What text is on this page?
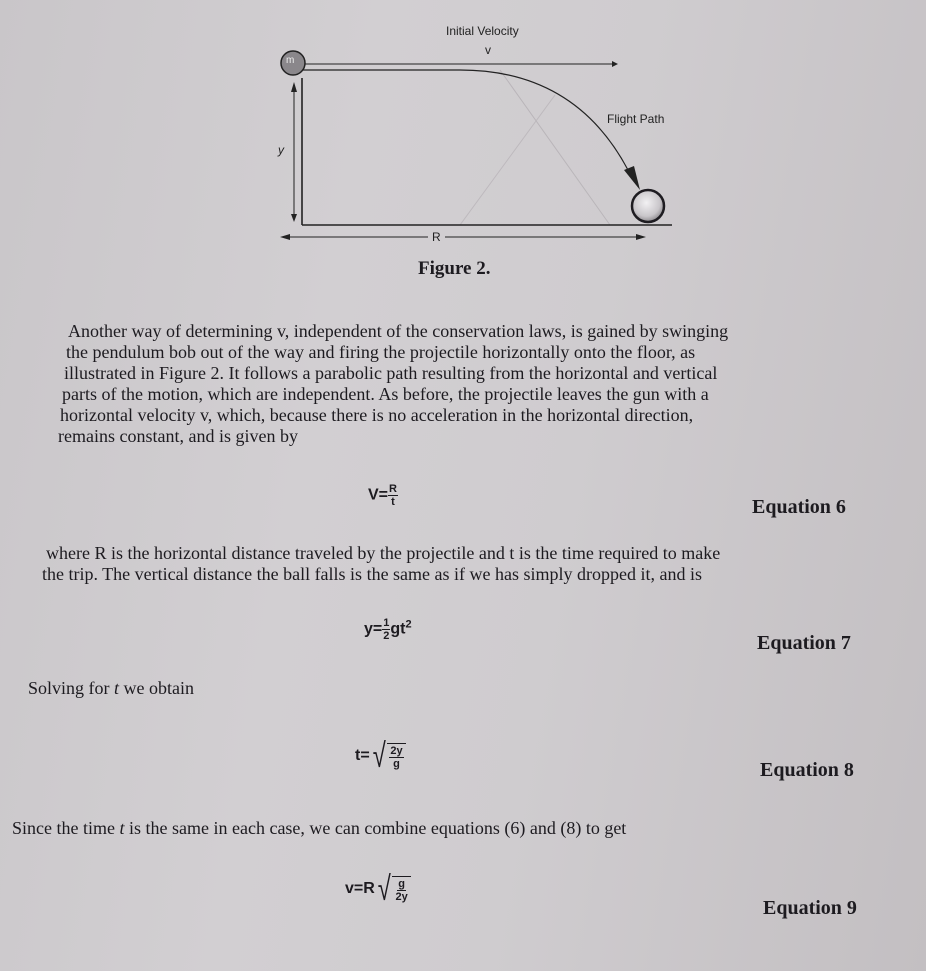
Initial Velocity
v
m
Flight Path
y
R
Figure 2.
Another way of determining v, independent of the conservation laws, is gained by swinging
the pendulum bob out of the way and firing the projectile horizontally onto the floor, as
illustrated in Figure 2. It follows a parabolic path resulting from the horizontal and vertical
parts of the motion, which are independent. As before, the projectile leaves the gun with a
horizontal velocity v, which, because there is no acceleration in the horizontal direction,
remains constant, and is given by
$V= \frac{R}{t}$	Equation 6
where R is the horizontal distance traveled by the projectile and t is the time required to make
the trip. The vertical distance the ball falls is the same as if we has simply dropped it, and is
$y= \frac{1}{2} gt^2$
Equation 7
Solving for t we obtain
t= √ $\frac{2y}{g}$
Equation 8
Since the time t is the same in each case, we can combine equations (6) and (8) to get
v=R √ $\frac{g}{2y}$
Equation 9
